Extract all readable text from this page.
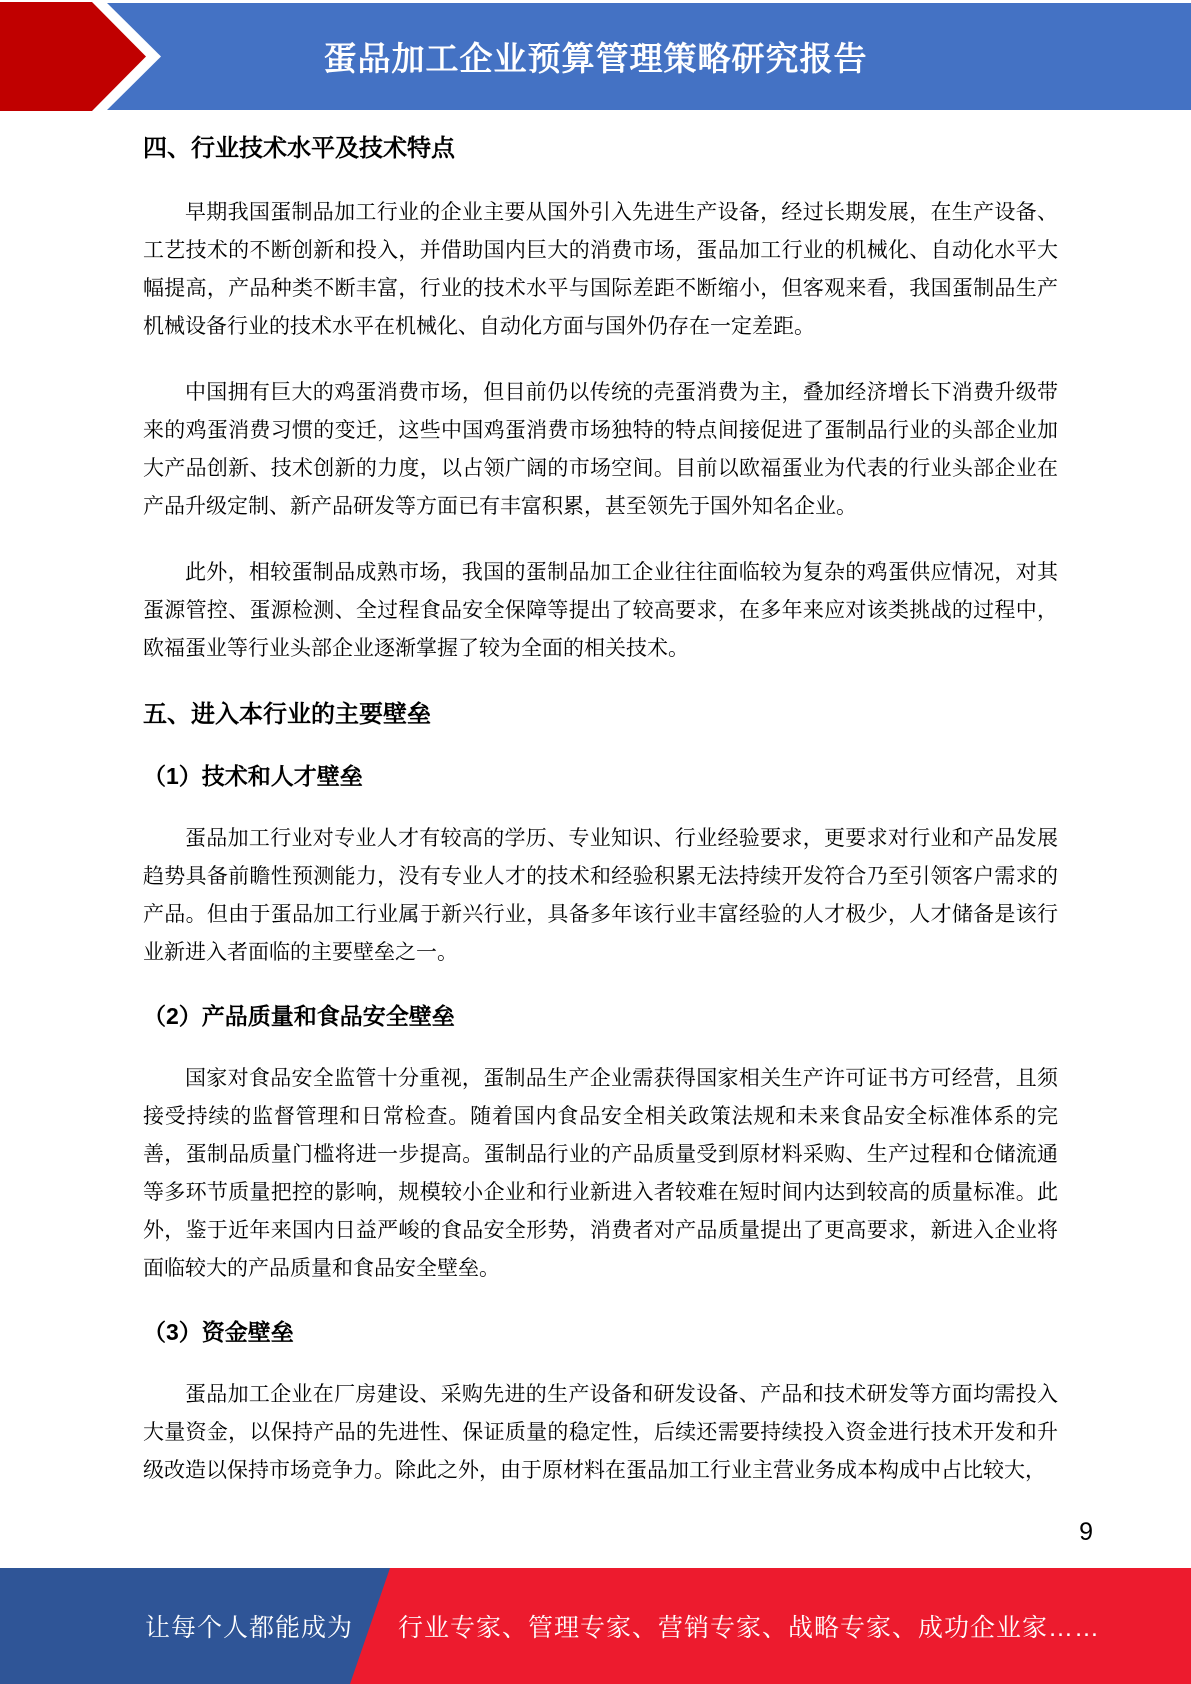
蛋品加工企业预算管理策略研究报告
四、行业技术水平及技术特点

早期我国蛋制品加工行业的企业主要从国外引入先进生产设备，经过长期发展，在生产设备、工艺技术的不断创新和投入，并借助国内巨大的消费市场，蛋品加工行业的机械化、自动化水平大幅提高，产品种类不断丰富，行业的技术水平与国际差距不断缩小，但客观来看，我国蛋制品生产机械设备行业的技术水平在机械化、自动化方面与国外仍存在一定差距。

中国拥有巨大的鸡蛋消费市场，但目前仍以传统的壳蛋消费为主，叠加经济增长下消费升级带来的鸡蛋消费习惯的变迁，这些中国鸡蛋消费市场独特的特点间接促进了蛋制品行业的头部企业加大产品创新、技术创新的力度，以占领广阔的市场空间。目前以欧福蛋业为代表的行业头部企业在产品升级定制、新产品研发等方面已有丰富积累，甚至领先于国外知名企业。

此外，相较蛋制品成熟市场，我国的蛋制品加工企业往往面临较为复杂的鸡蛋供应情况，对其蛋源管控、蛋源检测、全过程食品安全保障等提出了较高要求，在多年来应对该类挑战的过程中，欧福蛋业等行业头部企业逐渐掌握了较为全面的相关技术。

五、进入本行业的主要壁垒
（1）技术和人才壁垒

蛋品加工行业对专业人才有较高的学历、专业知识、行业经验要求，更要求对行业和产品发展趋势具备前瞻性预测能力，没有专业人才的技术和经验积累无法持续开发符合乃至引领客户需求的产品。但由于蛋品加工行业属于新兴行业，具备多年该行业丰富经验的人才极少，人才储备是该行业新进入者面临的主要壁垒之一。

（2）产品质量和食品安全壁垒

国家对食品安全监管十分重视，蛋制品生产企业需获得国家相关生产许可证书方可经营，且须接受持续的监督管理和日常检查。随着国内食品安全相关政策法规和未来食品安全标准体系的完善，蛋制品质量门槛将进一步提高。蛋制品行业的产品质量受到原材料采购、生产过程和仓储流通等多环节质量把控的影响，规模较小企业和行业新进入者较难在短时间内达到较高的质量标准。此外，鉴于近年来国内日益严峻的食品安全形势，消费者对产品质量提出了更高要求，新进入企业将面临较大的产品质量和食品安全壁垒。

（3）资金壁垒

蛋品加工企业在厂房建设、采购先进的生产设备和研发设备、产品和技术研发等方面均需投入大量资金，以保持产品的先进性、保证质量的稳定性，后续还需要持续投入资金进行技术开发和升级改造以保持市场竞争力。除此之外，由于原材料在蛋品加工行业主营业务成本构成中占比较大，

9
让每个人都能成为 行业专家、管理专家、营销专家、战略专家、成功企业家……
